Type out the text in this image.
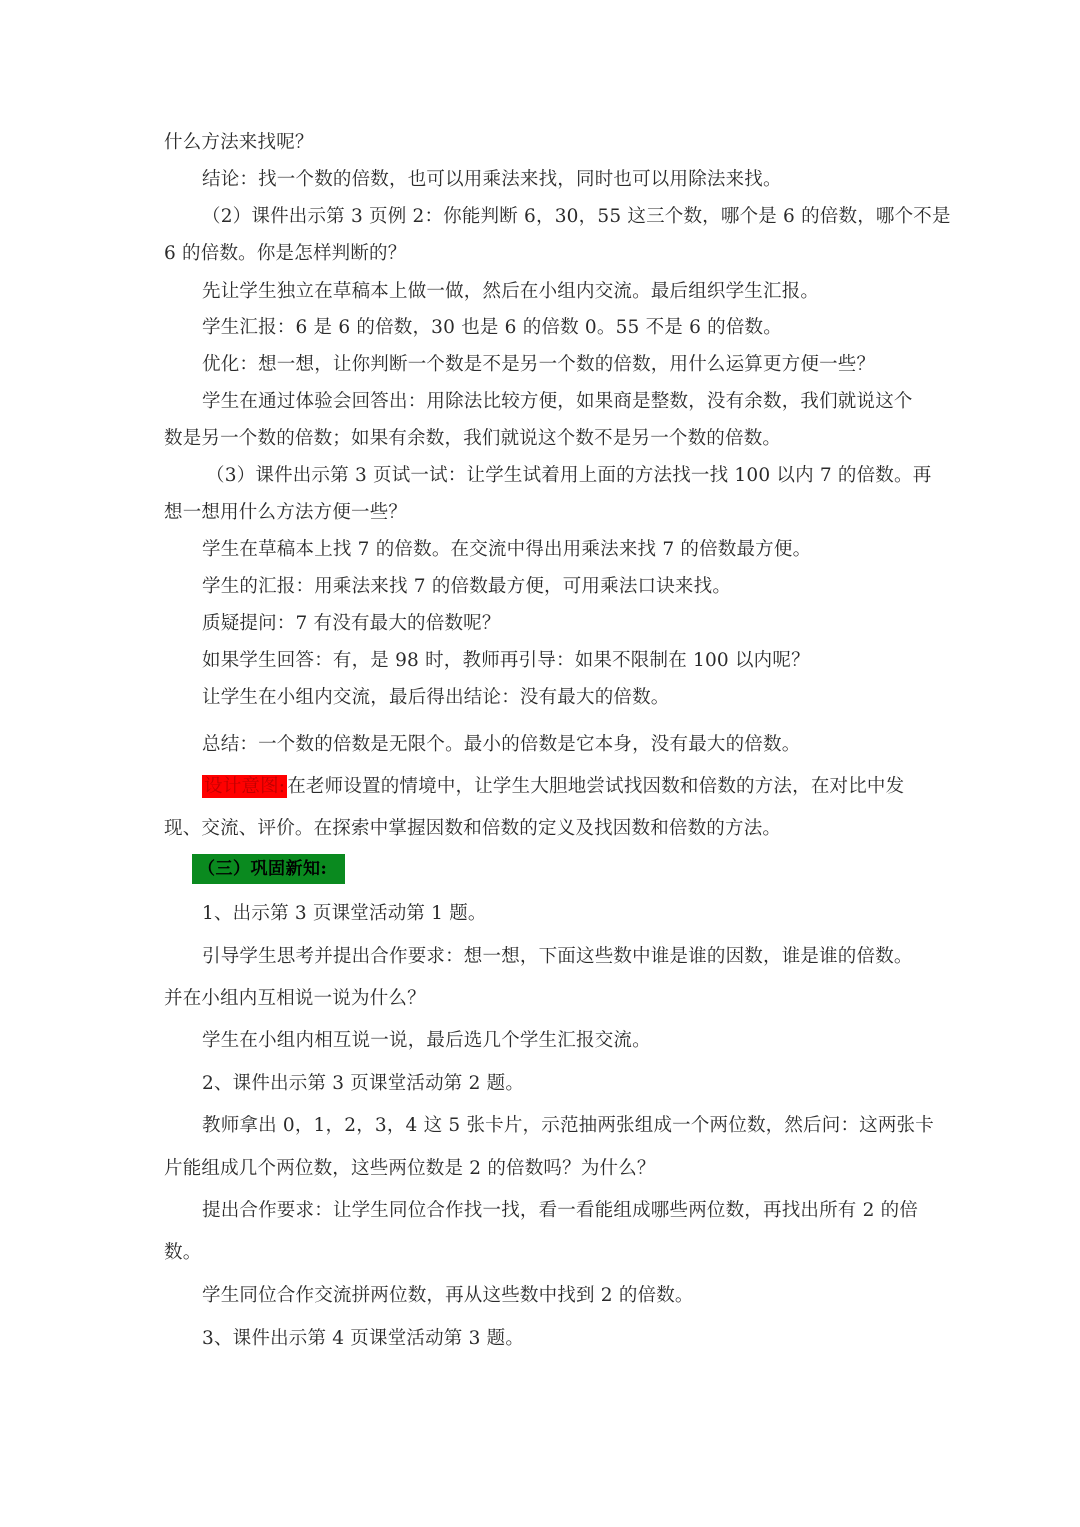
什么方法来找呢？
结论：找一个数的倍数，也可以用乘法来找，同时也可以用除法来找。
（2）课件出示第 3 页例 2：你能判断 6，30，55 这三个数，哪个是 6 的倍数，哪个不是
6 的倍数。你是怎样判断的？
先让学生独立在草稿本上做一做，然后在小组内交流。最后组织学生汇报。
学生汇报：6 是 6 的倍数，30 也是 6 的倍数 0。55 不是 6 的倍数。
优化：想一想，让你判断一个数是不是另一个数的倍数，用什么运算更方便一些？
学生在通过体验会回答出：用除法比较方便，如果商是整数，没有余数，我们就说这个
数是另一个数的倍数；如果有余数，我们就说这个数不是另一个数的倍数。
（3）课件出示第 3 页试一试：让学生试着用上面的方法找一找 100 以内 7 的倍数。再
想一想用什么方法方便一些？
学生在草稿本上找 7 的倍数。在交流中得出用乘法来找 7 的倍数最方便。
学生的汇报：用乘法来找 7 的倍数最方便，可用乘法口诀来找。
质疑提问：7 有没有最大的倍数呢？
如果学生回答：有，是 98 时，教师再引导：如果不限制在 100 以内呢？
让学生在小组内交流，最后得出结论：没有最大的倍数。
总结：一个数的倍数是无限个。最小的倍数是它本身，没有最大的倍数。
设计意图: 在老师设置的情境中，让学生大胆地尝试找因数和倍数的方法，在对比中发
现、交流、评价。在探索中掌握因数和倍数的定义及找因数和倍数的方法。
（三）巩固新知:
1、出示第 3 页课堂活动第 1 题。
引导学生思考并提出合作要求：想一想，下面这些数中谁是谁的因数，谁是谁的倍数。
并在小组内互相说一说为什么？
学生在小组内相互说一说，最后选几个学生汇报交流。
2、课件出示第 3 页课堂活动第 2 题。
教师拿出 0，1，2，3，4 这 5 张卡片，示范抽两张组成一个两位数，然后问：这两张卡
片能组成几个两位数，这些两位数是 2 的倍数吗？为什么？
提出合作要求：让学生同位合作找一找，看一看能组成哪些两位数，再找出所有 2 的倍
数。
学生同位合作交流拼两位数，再从这些数中找到 2 的倍数。
3、课件出示第 4 页课堂活动第 3 题。
